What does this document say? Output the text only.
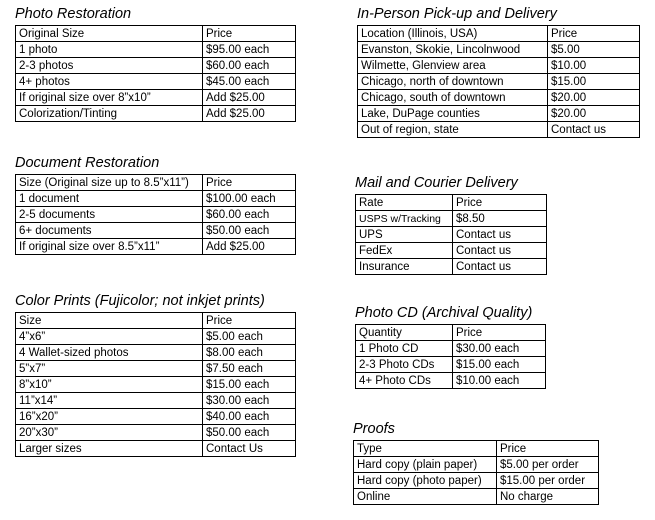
Photo Restoration
Original Size	Price
1 photo	$95.00 each
2-3 photos	$60.00 each
4+ photos	$45.00 each
If original size over 8”x10”	Add $25.00
Colorization/Tinting	Add $25.00
Document Restoration
Size (Original size up to 8.5”x11”)	Price
1 document	$100.00 each
2-5 documents	$60.00 each
6+ documents	$50.00 each
If original size over 8.5”x11”	Add $25.00
Color Prints (Fujicolor; not inkjet prints)
Size	Price
4”x6”	$5.00 each
4 Wallet-sized photos	$8.00 each
5”x7”	$7.50 each
8”x10”	$15.00 each
11”x14”	$30.00 each
16”x20”	$40.00 each
20”x30”	$50.00 each
Larger sizes	Contact Us
In-Person Pick-up and Delivery
Location (Illinois, USA)	Price
Evanston, Skokie, Lincolnwood	$5.00
Wilmette, Glenview area	$10.00
Chicago, north of downtown	$15.00
Chicago, south of downtown	$20.00
Lake, DuPage counties	$20.00
Out of region, state	Contact us
Mail and Courier Delivery
Rate	Price
USPS w/Tracking	$8.50
UPS	Contact us
FedEx	Contact us
Insurance	Contact us
Photo CD (Archival Quality)
Quantity	Price
1 Photo CD	$30.00 each
2-3 Photo CDs	$15.00 each
4+ Photo CDs	$10.00 each
Proofs
Type	Price
Hard copy (plain paper)	$5.00 per order
Hard copy (photo paper)	$15.00 per order
Online	No charge
